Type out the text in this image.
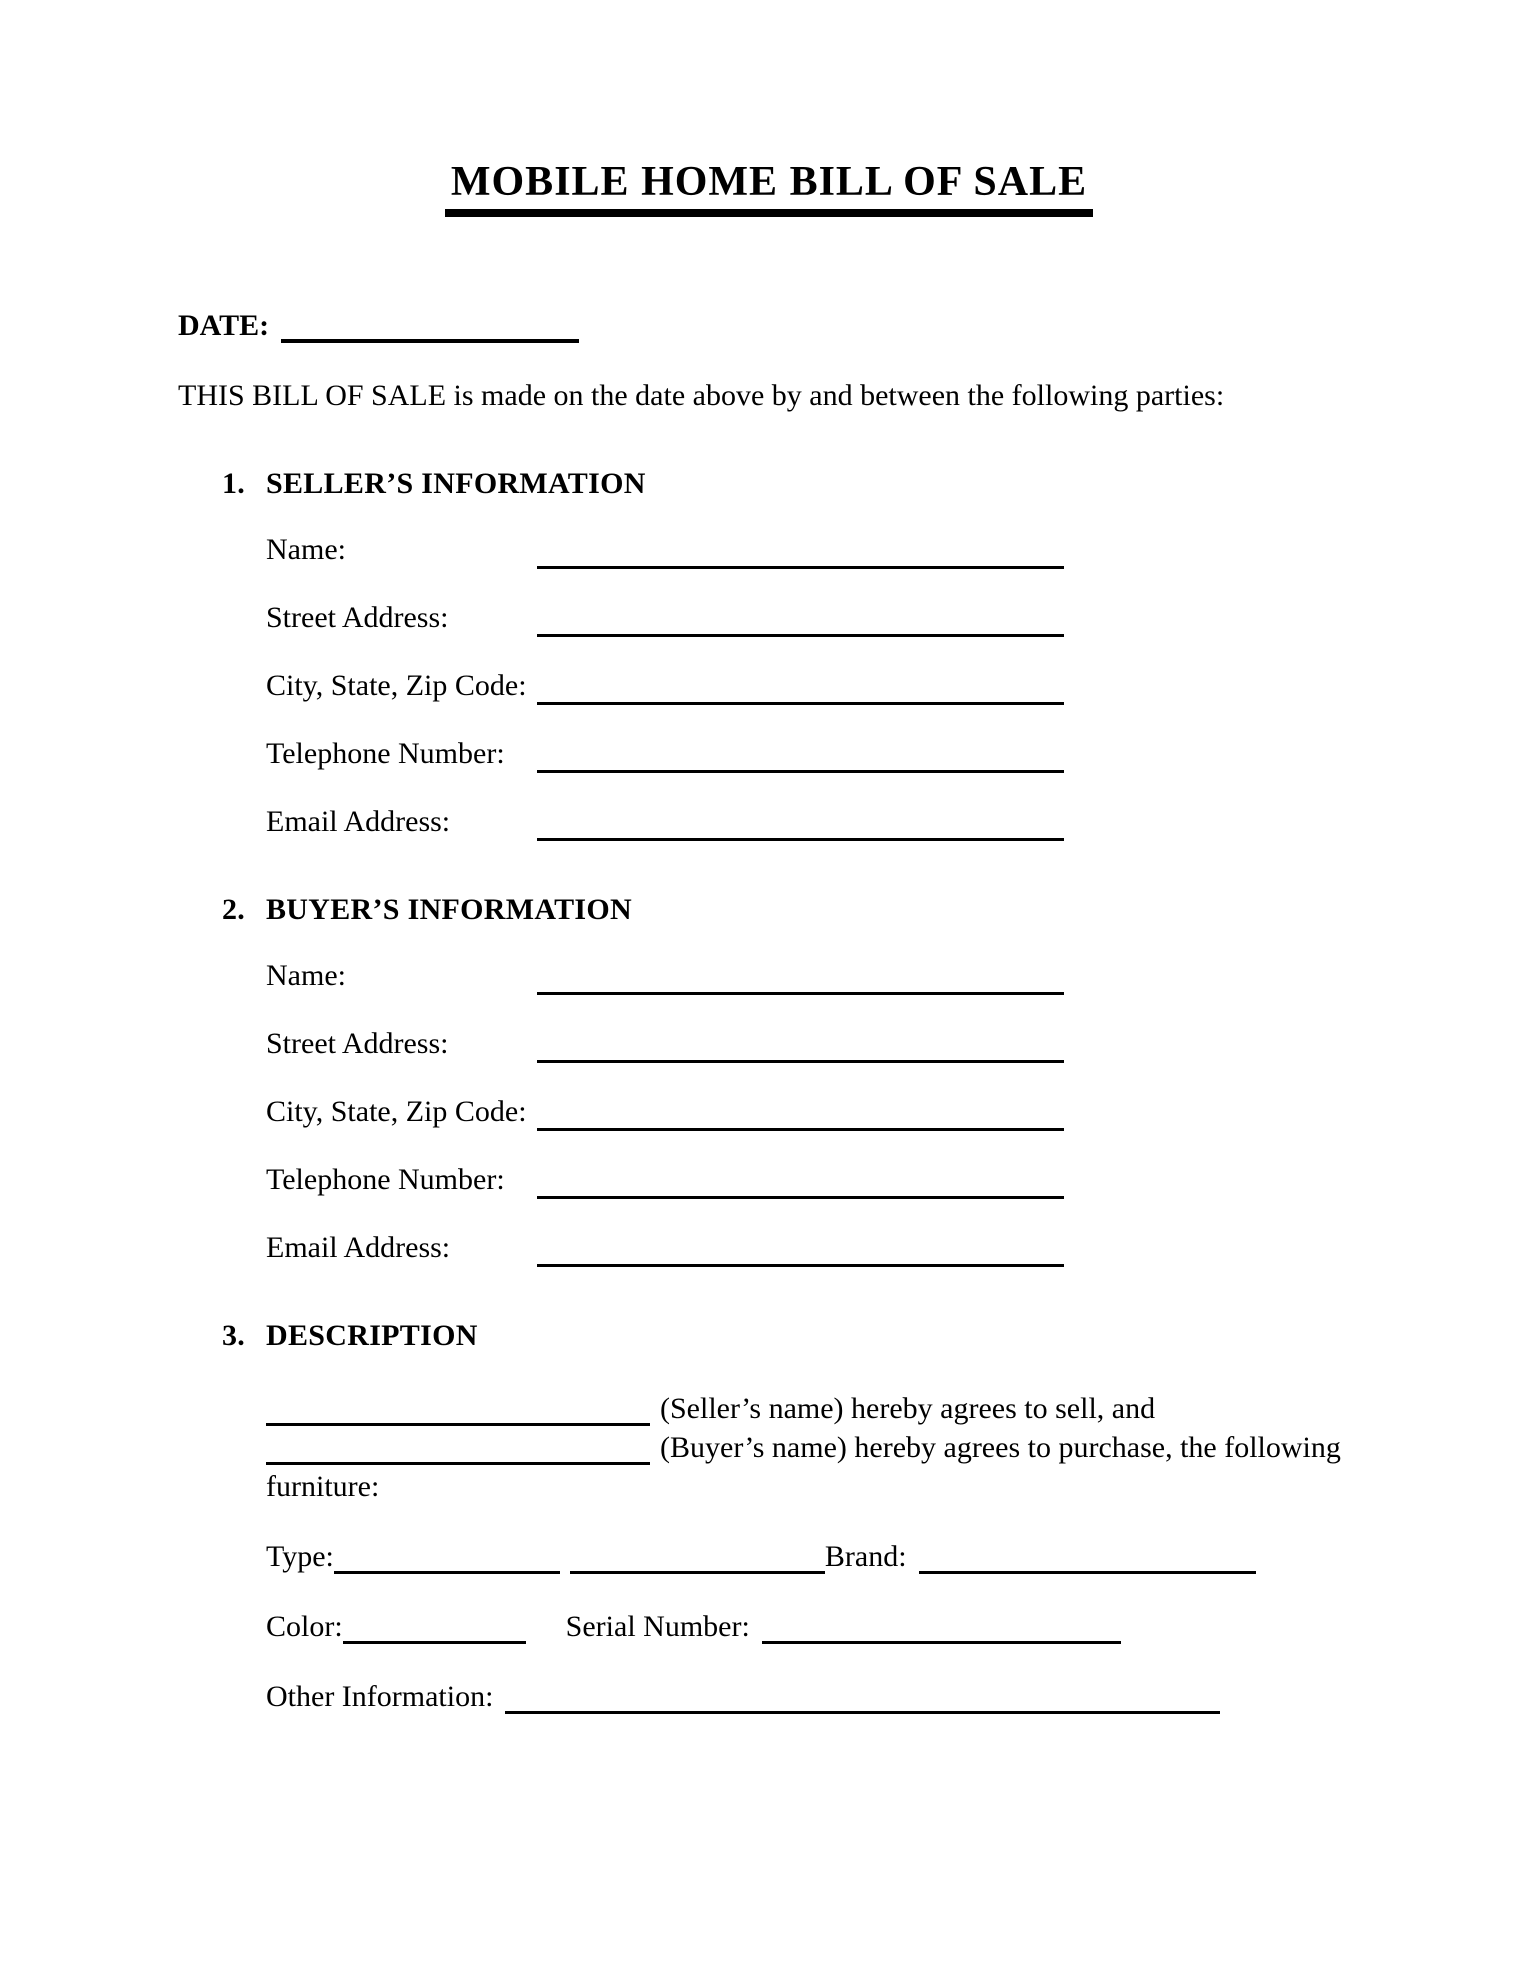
MOBILE HOME BILL OF SALE
DATE:

THIS BILL OF SALE is made on the date above by and between the following parties:

1. SELLER’S INFORMATION
Name:
Street Address:
City, State, Zip Code:
Telephone Number:
Email Address:
2. BUYER’S INFORMATION
Name:
Street Address:
City, State, Zip Code:
Telephone Number:
Email Address:
3. DESCRIPTION
(Seller’s name) hereby agrees to sell, and
(Buyer’s name) hereby agrees to purchase, the following
furniture:
Type:	Brand:
Color:	Serial Number:
Other Information:
